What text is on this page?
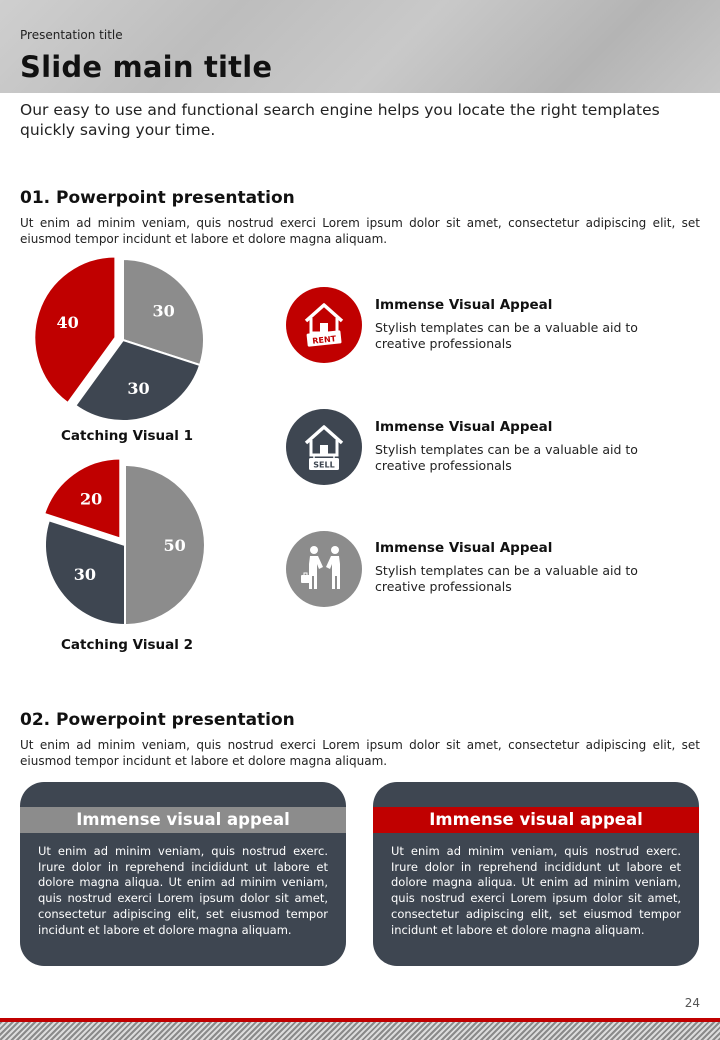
Presentation title
Slide main title
Our easy to use and functional search engine helps you locate the right templates quickly saving your time.
01. Powerpoint presentation
Ut enim ad minim veniam, quis nostrud exerci Lorem ipsum dolor sit amet, consectetur adipiscing elit, set eiusmod tempor incidunt et labore et dolore magna aliquam.
30
30
40
Catching Visual 1
50
30
20
Catching Visual 2
RENT
Immense Visual Appeal
Stylish templates can be a valuable aid to creative professionals
SELL
Immense Visual Appeal
Stylish templates can be a valuable aid to creative professionals
Immense Visual Appeal
Stylish templates can be a valuable aid to creative professionals
02. Powerpoint presentation
Ut enim ad minim veniam, quis nostrud exerci Lorem ipsum dolor sit amet, consectetur adipiscing elit, set eiusmod tempor incidunt et labore et dolore magna aliquam.
Immense visual appeal
Ut enim ad minim veniam, quis nostrud exerc. Irure dolor in reprehend incididunt ut labore et dolore magna aliqua. Ut enim ad minim veniam, quis nostrud exerci Lorem ipsum dolor sit amet, consectetur adipiscing elit, set eiusmod tempor incidunt et labore et dolore magna aliquam.
Immense visual appeal
Ut enim ad minim veniam, quis nostrud exerc. Irure dolor in reprehend incididunt ut labore et dolore magna aliqua. Ut enim ad minim veniam, quis nostrud exerci Lorem ipsum dolor sit amet, consectetur adipiscing elit, set eiusmod tempor incidunt et labore et dolore magna aliquam.
24
